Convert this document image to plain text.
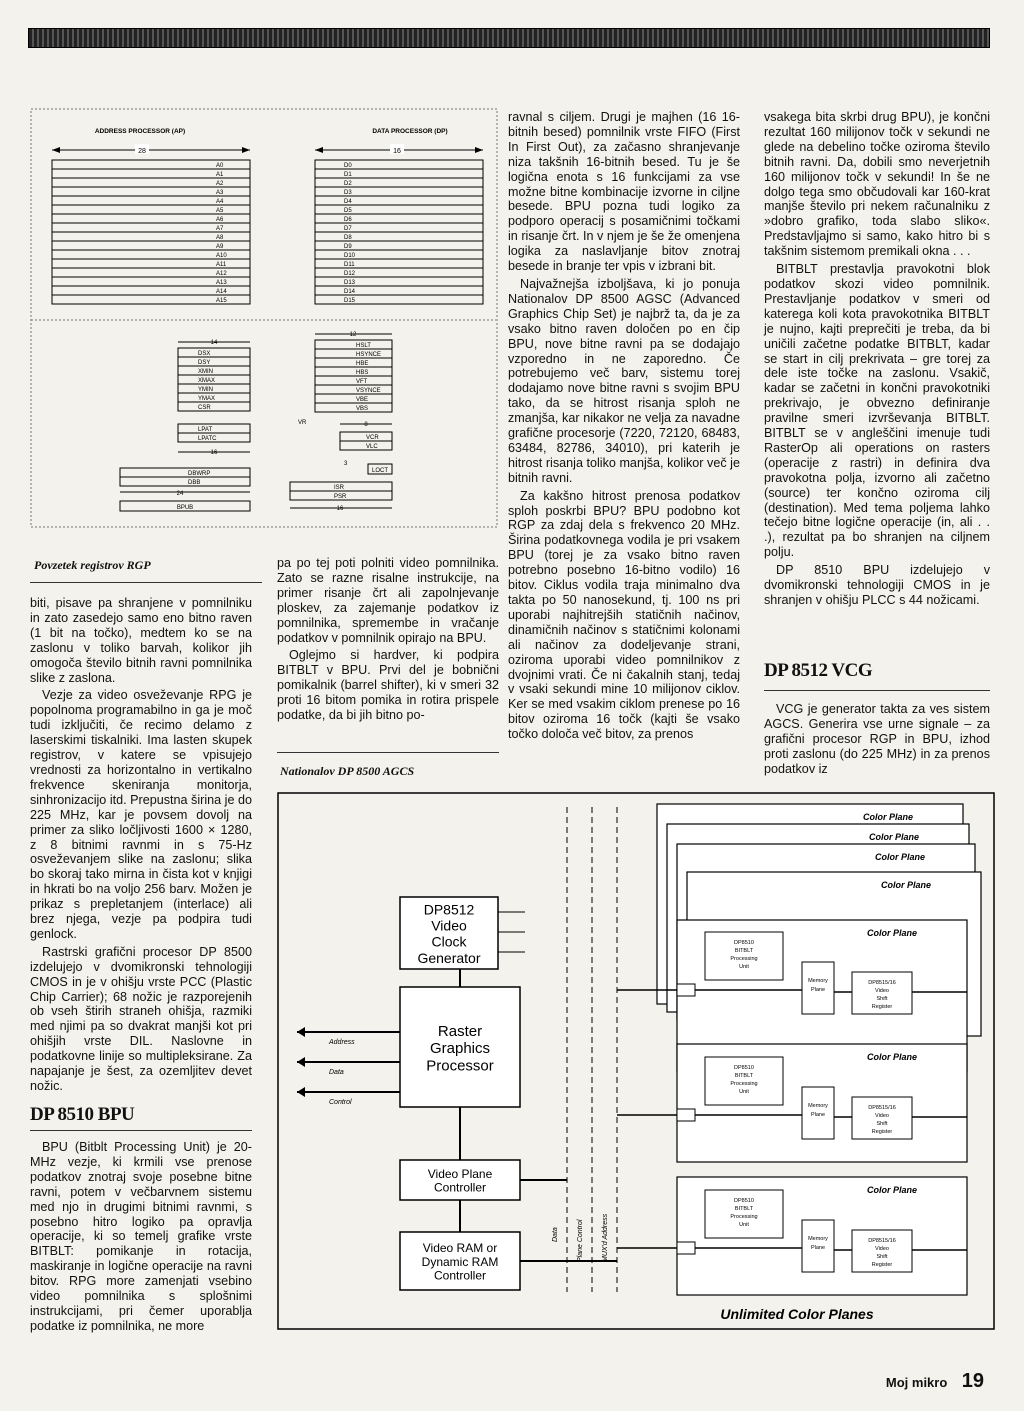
ADDRESS PROCESSOR (AP)
28
A0
A1
A2
A3
A4
A5
A6
A7
A8
A9
A10
A11
A12
A13
A14
A15
DATA PROCESSOR (DP)
16
D0
D1
D2
D3
D4
D5
D6
D7
D8
D9
D10
D11
D12
D13
D14
D15
14
DSX
DSY
XMIN
XMAX
YMIN
YMAX
CSR
LPAT
LPATC
16
DBWRP
DBB
24
BPUB
12
HSLT
HSYNCE
HBE
HBS
VFT
VSYNCE
VBE
VBS
VR	8
VCR
VLC
3
LOCT
ISR
PSR
16
Povzetek registrov RGP

biti, pisave pa shranjene v pomnilniku in zato zasedejo samo eno bitno raven (1 bit na točko), medtem ko se na zaslonu v toliko barvah, kolikor jih omogoča število bitnih ravni pomnilnika slike z zaslona.

Vezje za video osveževanje RPG je popolnoma programabilno in ga je moč tudi izključiti, če recimo delamo z laserskimi tiskalniki. Ima lasten skupek registrov, v katere se vpisujejo vrednosti za horizontalno in vertikalno frekvence skeniranja monitorja, sinhronizacijo itd. Prepustna širina je do 225 MHz, kar je povsem dovolj na primer za sliko ločljivosti 1600 × 1280, z 8 bitnimi ravnmi in s 75-Hz osveževanjem slike na zaslonu; slika bo skoraj tako mirna in čista kot v knjigi in hkrati bo na voljo 256 barv. Možen je prikaz s prepletanjem (interlace) ali brez njega, vezje pa podpira tudi genlock.

Rastrski grafični procesor DP 8500 izdelujejo v dvomikronski tehnologiji CMOS in je v ohišju vrste PCC (Plastic Chip Carrier); 68 nožic je razporejenih ob vseh štirih straneh ohišja, razmiki med njimi pa so dvakrat manjši kot pri ohišjih vrste DIL. Naslovne in podatkovne linije so multipleksirane. Za napajanje je šest, za ozemljitev devet nožic.

DP 8510 BPU

BPU (Bitblt Processing Unit) je 20-MHz vezje, ki krmili vse prenose podatkov znotraj svoje posebne bitne ravni, potem v večbarvnem sistemu med njo in drugimi bitnimi ravnmi, s posebno hitro logiko pa opravlja operacije, ki so temelj grafike vrste BITBLT: pomikanje in rotacija, maskiranje in logične operacije na ravni bitov. RPG more zamenjati vsebino video pomnilnika s splošnimi instrukcijami, pri čemer uporablja podatke iz pomnilnika, ne more

pa po tej poti polniti video pomnilnika. Zato se razne risalne instrukcije, na primer risanje črt ali zapolnjevanje ploskev, za zajemanje podatkov iz pomnilnika, spremembe in vračanje podatkov v pomnilnik opirajo na BPU.

Oglejmo si hardver, ki podpira BITBLT v BPU. Prvi del je bobnični pomikalnik (barrel shifter), ki v smeri 32 proti 16 bitom pomika in rotira prispele podatke, da bi jih bitno po-

Nationalov DP 8500 AGCS

ravnal s ciljem. Drugi je majhen (16 16-bitnih besed) pomnilnik vrste FIFO (First In First Out), za začasno shranjevanje niza takšnih 16-bitnih besed. Tu je še logična enota s 16 funkcijami za vse možne bitne kombinacije izvorne in ciljne besede. BPU pozna tudi logiko za podporo operacij s posamičnimi točkami in risanje črt. In v njem je še že omenjena logika za naslavljanje bitov znotraj besede in branje ter vpis v izbrani bit.

Najvažnejša izboljšava, ki jo ponuja Nationalov DP 8500 AGSC (Advanced Graphics Chip Set) je najbrž ta, da je za vsako bitno raven določen po en čip BPU, nove bitne ravni pa se dodajajo vzporedno in ne zaporedno. Če potrebujemo več barv, sistemu torej dodajamo nove bitne ravni s svojim BPU tako, da se hitrost risanja sploh ne zmanjša, kar nikakor ne velja za navadne grafične procesorje (7220, 72120, 68483, 63484, 82786, 34010), pri katerih je hitrost risanja toliko manjša, kolikor več je bitnih ravni.

Za kakšno hitrost prenosa podatkov sploh poskrbi BPU? BPU podobno kot RGP za zdaj dela s frekvenco 20 MHz. Širina podatkovnega vodila je pri vsakem BPU (torej je za vsako bitno raven potrebno posebno 16-bitno vodilo) 16 bitov. Ciklus vodila traja minimalno dva takta po 50 nanosekund, tj. 100 ns pri uporabi najhitrejših statičnih načinov, dinamičnih načinov s statičnimi kolonami ali načinov za dodeljevanje strani, oziroma uporabi video pomnilnikov z dvojnimi vrati. Če ni čakalnih stanj, tedaj v vsaki sekundi mine 10 milijonov ciklov. Ker se med vsakim ciklom prenese po 16 bitov oziroma 16 točk (kajti še vsako točko določa več bitov, za prenos

vsakega bita skrbi drug BPU), je končni rezultat 160 milijonov točk v sekundi ne glede na debelino točke oziroma število bitnih ravni. Da, dobili smo neverjetnih 160 milijonov točk v sekundi! In še ne dolgo tega smo občudovali kar 160-krat manjše število pri nekem računalniku z »dobro grafiko, toda slabo sliko«. Predstavljajmo si samo, kako hitro bi s takšnim sistemom premikali okna . . .

BITBLT prestavlja pravokotni blok podatkov skozi video pomnilnik. Prestavljanje podatkov v smeri od katerega koli kota pravokotnika BITBLT je nujno, kajti preprečiti je treba, da bi uničili začetne podatke BITBLT, kadar se start in cilj prekrivata – gre torej za dele iste točke na zaslonu. Vsakič, kadar se začetni in končni pravokotniki prekrivajo, je obvezno definiranje pravilne smeri izvrševanja BITBLT. BITBLT se v angleščini imenuje tudi RasterOp ali operations on rasters (operacije z rastri) in definira dva pravokotna polja, izvorno ali začetno (source) ter končno oziroma cilj (destination). Med tema poljema lahko tečejo bitne logične operacije (in, ali . . .), rezultat pa bo shranjen na ciljnem polju.

DP 8510 BPU izdelujejo v dvomikronski tehnologiji CMOS in je shranjen v ohišju PLCC s 44 nožicami.

DP 8512 VCG

VCG je generator takta za ves sistem AGCS. Generira vse urne signale – za grafični procesor RGP in BPU, izhod proti zaslonu (do 225 MHz) in za prenos podatkov iz

Color Plane
Color Plane
Color Plane
Color Plane
Color Plane
Color Plane
Color Plane
DP8510
BITBLT
Processing
Unit
Memory
Plane
DP8515/16
Video
Shift
Register
DP8510
BITBLT
Processing
Unit
Memory
Plane
DP8515/16
Video
Shift
Register
DP8510
BITBLT
Processing
Unit
Memory
Plane
DP8515/16
Video
Shift
Register
DP8512
Video
Clock
Generator
Raster
Graphics
Processor
Video Plane
Controller
Video RAM or
Dynamic RAM
Controller
Address
Data
Control
Data	Plane Control	MUX'd Address
Unlimited Color Planes
Moj mikro 19
